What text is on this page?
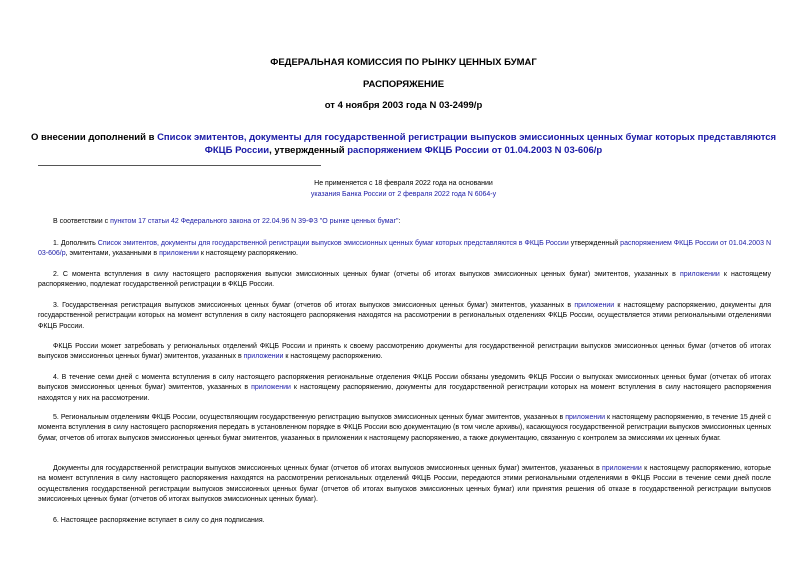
ФЕДЕРАЛЬНАЯ КОМИССИЯ ПО РЫНКУ ЦЕННЫХ БУМАГ
РАСПОРЯЖЕНИЕ
от 4 ноября 2003 года N 03-2499/р
О внесении дополнений в Список эмитентов, документы для государственной регистрации выпусков эмиссионных ценных бумаг которых представляются ФКЦБ России, утвержденный распоряжением ФКЦБ России от 01.04.2003 N 03-606/р
Не применяется с 18 февраля 2022 года на основании
указания Банка России от 2 февраля 2022 года N 6064-у
В соответствии с пунктом 17 статьи 42 Федерального закона от 22.04.96 N 39-ФЗ "О рынке ценных бумаг":
1. Дополнить Список эмитентов, документы для государственной регистрации выпусков эмиссионных ценных бумаг которых представляются в ФКЦБ России утвержденный распоряжением ФКЦБ России от 01.04.2003 N 03-606/р, эмитентами, указанными в приложении к настоящему распоряжению.
2. С момента вступления в силу настоящего распоряжения выпуски эмиссионных ценных бумаг (отчеты об итогах выпусков эмиссионных ценных бумаг) эмитентов, указанных в приложении к настоящему распоряжению, подлежат государственной регистрации в ФКЦБ России.
3. Государственная регистрация выпусков эмиссионных ценных бумаг (отчетов об итогах выпусков эмиссионных ценных бумаг) эмитентов, указанных в приложении к настоящему распоряжению, документы для государственной регистрации которых на момент вступления в силу настоящего распоряжения находятся на рассмотрении в региональных отделениях ФКЦБ России, осуществляется этими региональными отделениями ФКЦБ России.
ФКЦБ России может затребовать у региональных отделений ФКЦБ России и принять к своему рассмотрению документы для государственной регистрации выпусков эмиссионных ценных бумаг (отчетов об итогах выпусков эмиссионных ценных бумаг) эмитентов, указанных в приложении к настоящему распоряжению.
4. В течение семи дней с момента вступления в силу настоящего распоряжения региональные отделения ФКЦБ России обязаны уведомить ФКЦБ России о выпусках эмиссионных ценных бумаг (отчетах об итогах выпусков эмиссионных ценных бумаг) эмитентов, указанных в приложении к настоящему распоряжению, документы для государственной регистрации которых на момент вступления в силу настоящего распоряжения находятся у них на рассмотрении.
5. Региональным отделениям ФКЦБ России, осуществляющим государственную регистрацию выпусков эмиссионных ценных бумаг эмитентов, указанных в приложении к настоящему распоряжению, в течение 15 дней с момента вступления в силу настоящего распоряжения передать в установленном порядке в ФКЦБ России всю документацию (в том числе архивы), касающуюся государственной регистрации выпусков эмиссионных ценных бумаг, отчетов об итогах выпусков эмиссионных ценных бумаг эмитентов, указанных в приложении к настоящему распоряжению, а также документацию, связанную с контролем за эмиссиями их ценных бумаг.
Документы для государственной регистрации выпусков эмиссионных ценных бумаг (отчетов об итогах выпусков эмиссионных ценных бумаг) эмитентов, указанных в приложении к настоящему распоряжению, которые на момент вступления в силу настоящего распоряжения находятся на рассмотрении региональных отделений ФКЦБ России, передаются этими региональными отделениями в ФКЦБ России в течение семи дней после осуществления государственной регистрации выпусков эмиссионных ценных бумаг (отчетов об итогах выпусков эмиссионных ценных бумаг) или принятия решения об отказе в государственной регистрации выпусков эмиссионных ценных бумаг (отчетов об итогах выпусков эмиссионных ценных бумаг).
6. Настоящее распоряжение вступает в силу со дня подписания.
